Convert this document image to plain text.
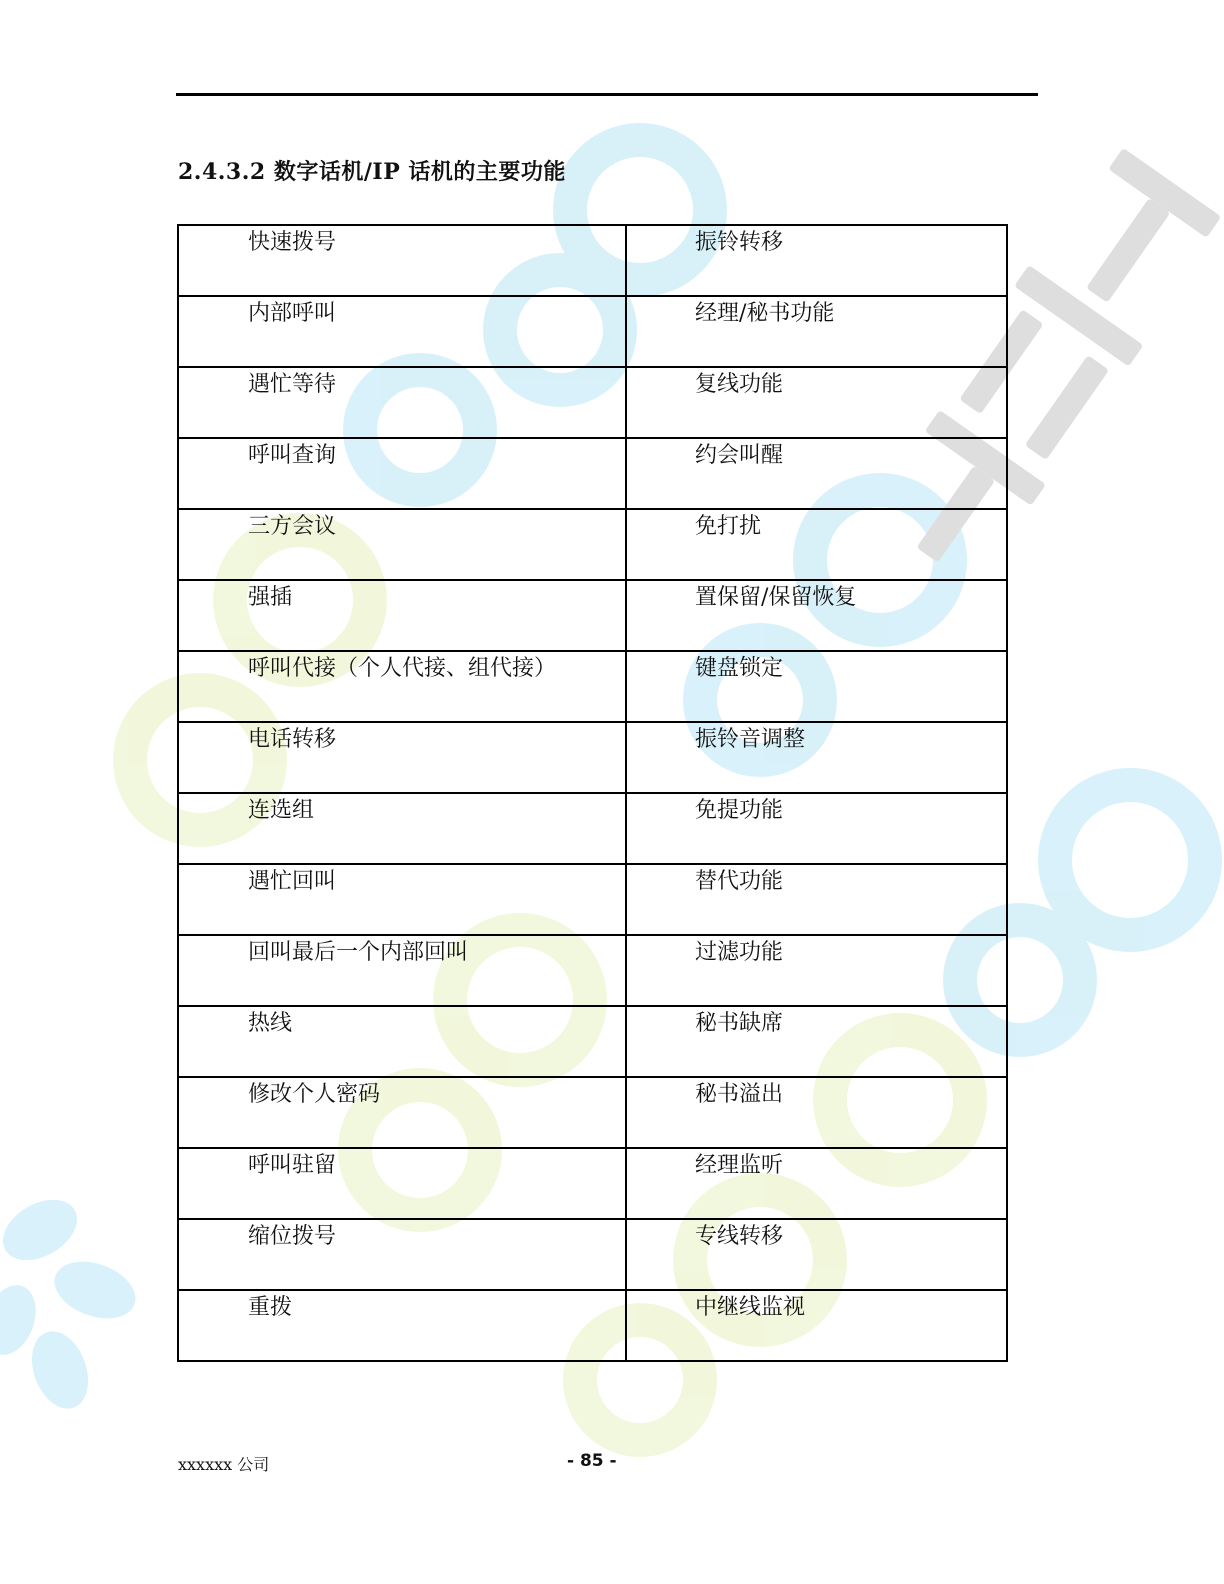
2.4.3.2 数字话机/IP 话机的主要功能
快速拨号	振铃转移
内部呼叫	经理/秘书功能
遇忙等待	复线功能
呼叫查询	约会叫醒
三方会议	免打扰
强插	置保留/保留恢复
呼叫代接（个人代接、组代接）	键盘锁定
电话转移	振铃音调整
连选组	免提功能
遇忙回叫	替代功能
回叫最后一个内部回叫	过滤功能
热线	秘书缺席
修改个人密码	秘书溢出
呼叫驻留	经理监听
缩位拨号	专线转移
重拨	中继线监视
xxxxxx 公司	- 85 -
